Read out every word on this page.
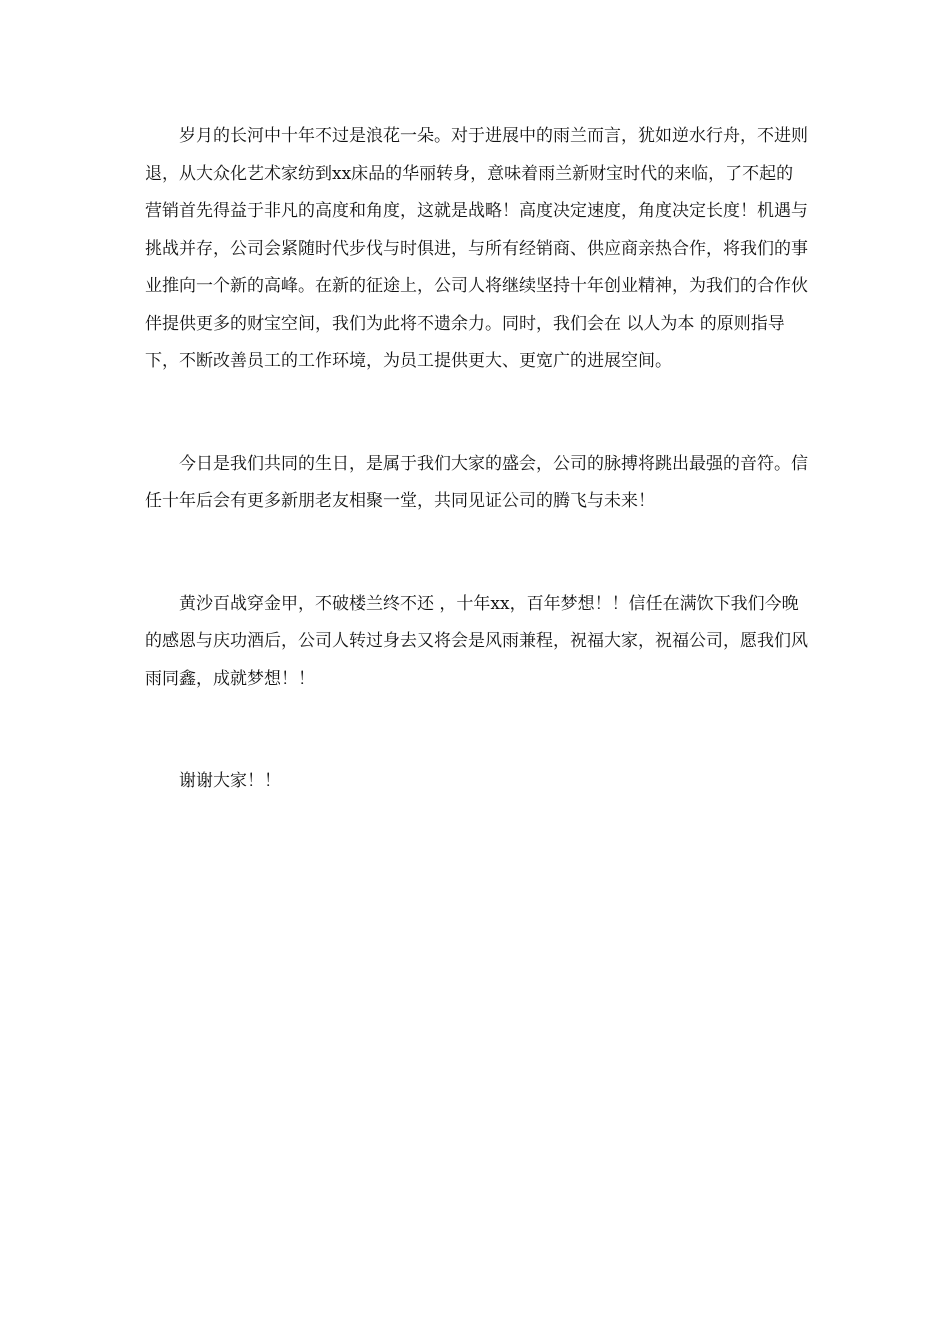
岁月的长河中十年不过是浪花一朵。对于进展中的雨兰而言，犹如逆水行舟，不进则退，从大众化艺术家纺到xx床品的华丽转身，意味着雨兰新财宝时代的来临，了不起的营销首先得益于非凡的高度和角度，这就是战略！高度决定速度，角度决定长度！机遇与挑战并存，公司会紧随时代步伐与时俱进，与所有经销商、供应商亲热合作，将我们的事业推向一个新的高峰。在新的征途上，公司人将继续坚持十年创业精神，为我们的合作伙伴提供更多的财宝空间，我们为此将不遗余力。同时，我们会在 以人为本 的原则指导下，不断改善员工的工作环境，为员工提供更大、更宽广的进展空间。

今日是我们共同的生日，是属于我们大家的盛会，公司的脉搏将跳出最强的音符。信任十年后会有更多新朋老友相聚一堂，共同见证公司的腾飞与未来！

黄沙百战穿金甲，不破楼兰终不还 ，十年xx，百年梦想！！信任在满饮下我们今晚的感恩与庆功酒后，公司人转过身去又将会是风雨兼程，祝福大家，祝福公司，愿我们风雨同鑫，成就梦想！！

谢谢大家！！
